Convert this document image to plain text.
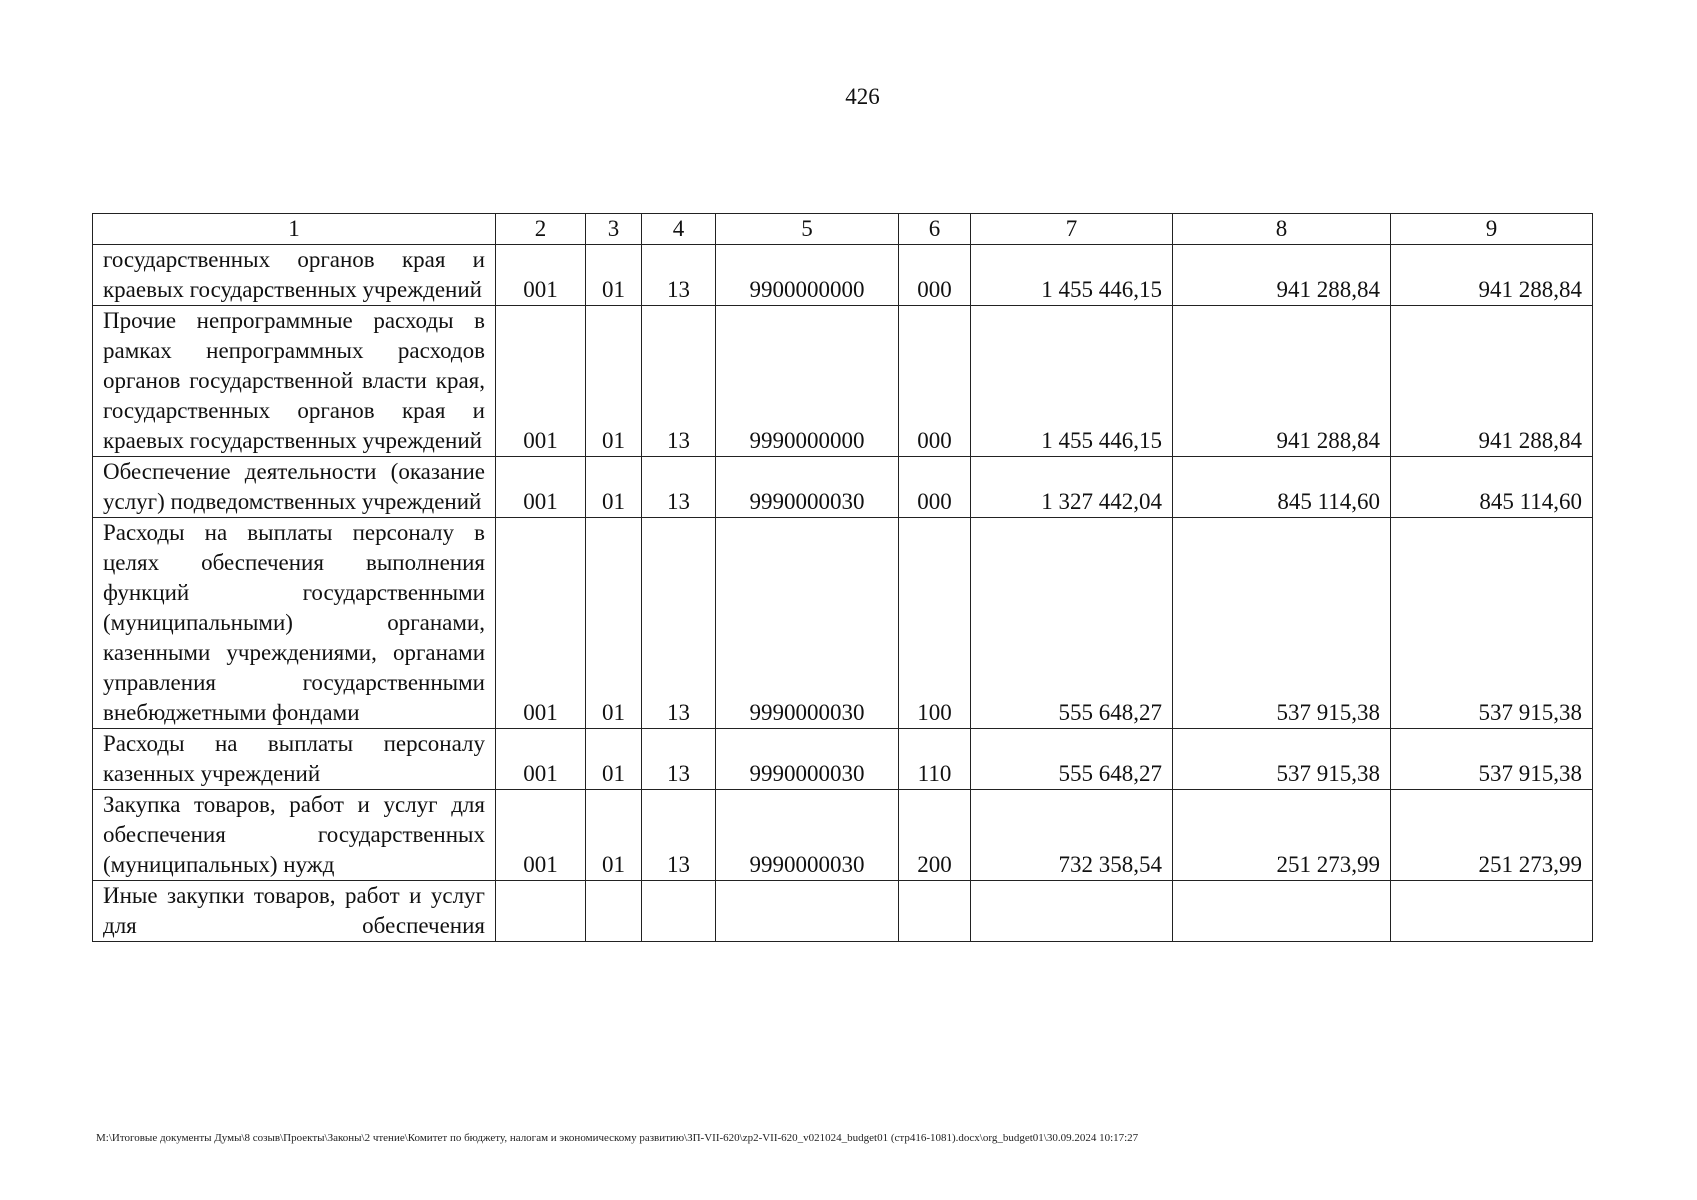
426
1	2	3	4	5	6	7	8	9
государственных органов края и краевых государственных учреждений	001	01	13	9900000000	000	1 455 446,15	941 288,84	941 288,84
Прочие непрограммные расходы в рамках непрограммных расходов органов государственной власти края, государственных органов края и краевых государственных учреждений	001	01	13	9990000000	000	1 455 446,15	941 288,84	941 288,84
Обеспечение деятельности (оказание услуг) подведомственных учреждений	001	01	13	9990000030	000	1 327 442,04	845 114,60	845 114,60
Расходы на выплаты персоналу в целях обеспечения выполнения функций государственными (муниципальными) органами, казенными учреждениями, органами управления государственными внебюджетными фондами	001	01	13	9990000030	100	555 648,27	537 915,38	537 915,38
Расходы на выплаты персоналу казенных учреждений	001	01	13	9990000030	110	555 648,27	537 915,38	537 915,38
Закупка товаров, работ и услуг для обеспечения государственных (муниципальных) нужд	001	01	13	9990000030	200	732 358,54	251 273,99	251 273,99
Иные закупки товаров, работ и услуг для обеспечения								
M:\Итоговые документы Думы\8 созыв\Проекты\Законы\2 чтение\Комитет по бюджету, налогам и экономическому развитию\ЗП-VII-620\zp2-VII-620_v021024_budget01 (стр416-1081).docx\org_budget01\30.09.2024 10:17:27
